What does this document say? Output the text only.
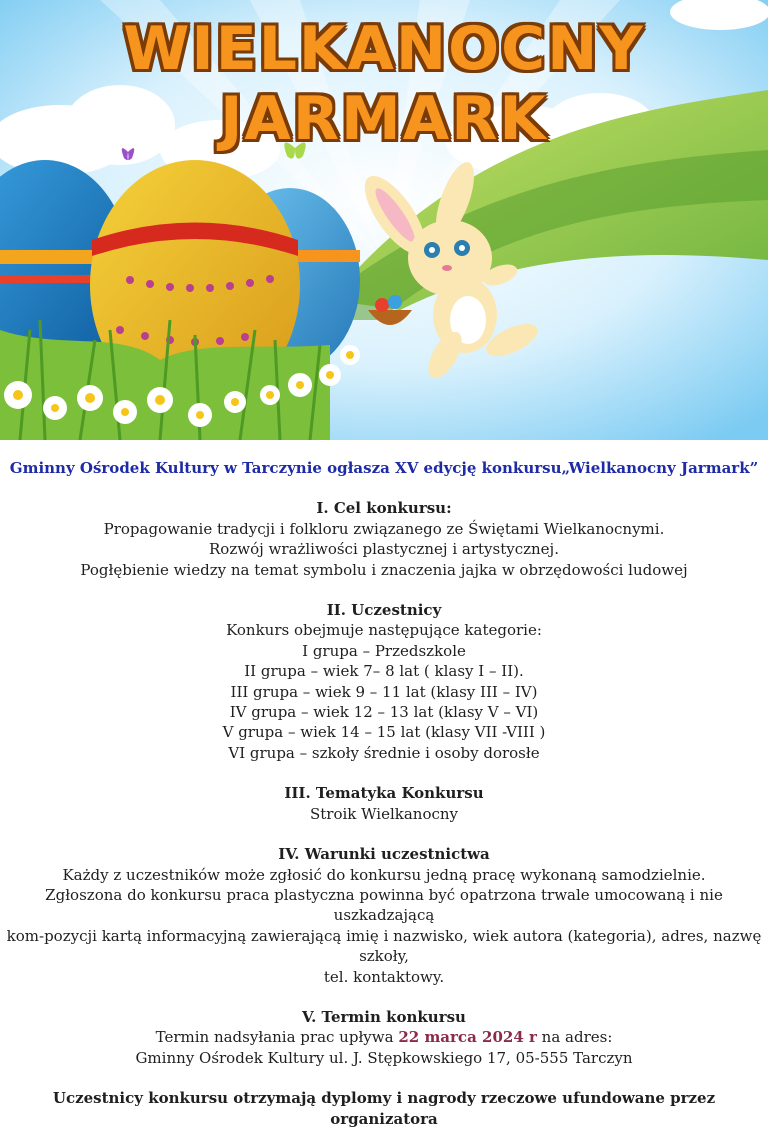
WIELKANOCNY JARMARK

Gminny Ośrodek Kultury w Tarczynie ogłasza XV edycję konkursu„Wielkanocny Jarmark”

I. Cel konkursu:

Propagowanie tradycji i folkloru związanego ze Świętami Wielkanocnymi.

Rozwój wrażliwości plastycznej i artystycznej.

Pogłębienie wiedzy na temat symbolu i znaczenia jajka w obrzędowości ludowej

II. Uczestnicy

Konkurs obejmuje następujące kategorie:

I grupa – Przedszkole

II grupa – wiek 7– 8 lat ( klasy I – II).

III grupa – wiek 9 – 11 lat (klasy III – IV)

IV grupa – wiek 12 – 13 lat (klasy V – VI)

V grupa – wiek 14 – 15 lat (klasy VII -VIII )

VI grupa – szkoły średnie i osoby dorosłe

III. Tematyka Konkursu

Stroik Wielkanocny

IV. Warunki uczestnictwa

Każdy z uczestników może zgłosić do konkursu jedną pracę wykonaną samodzielnie.

Zgłoszona do konkursu praca plastyczna powinna być opatrzona trwale umocowaną i nie uszkadzającą

kom-pozycji kartą informacyjną zawierającą imię i nazwisko, wiek autora (kategoria), adres, nazwę szkoły,

tel. kontaktowy.

V. Termin konkursu

Termin nadsyłania prac upływa 22 marca 2024 r na adres:

Gminny Ośrodek Kultury ul. J. Stępkowskiego 17, 05-555 Tarczyn

Uczestnicy konkursu otrzymają dyplomy i nagrody rzeczowe ufundowane przez organizatora
